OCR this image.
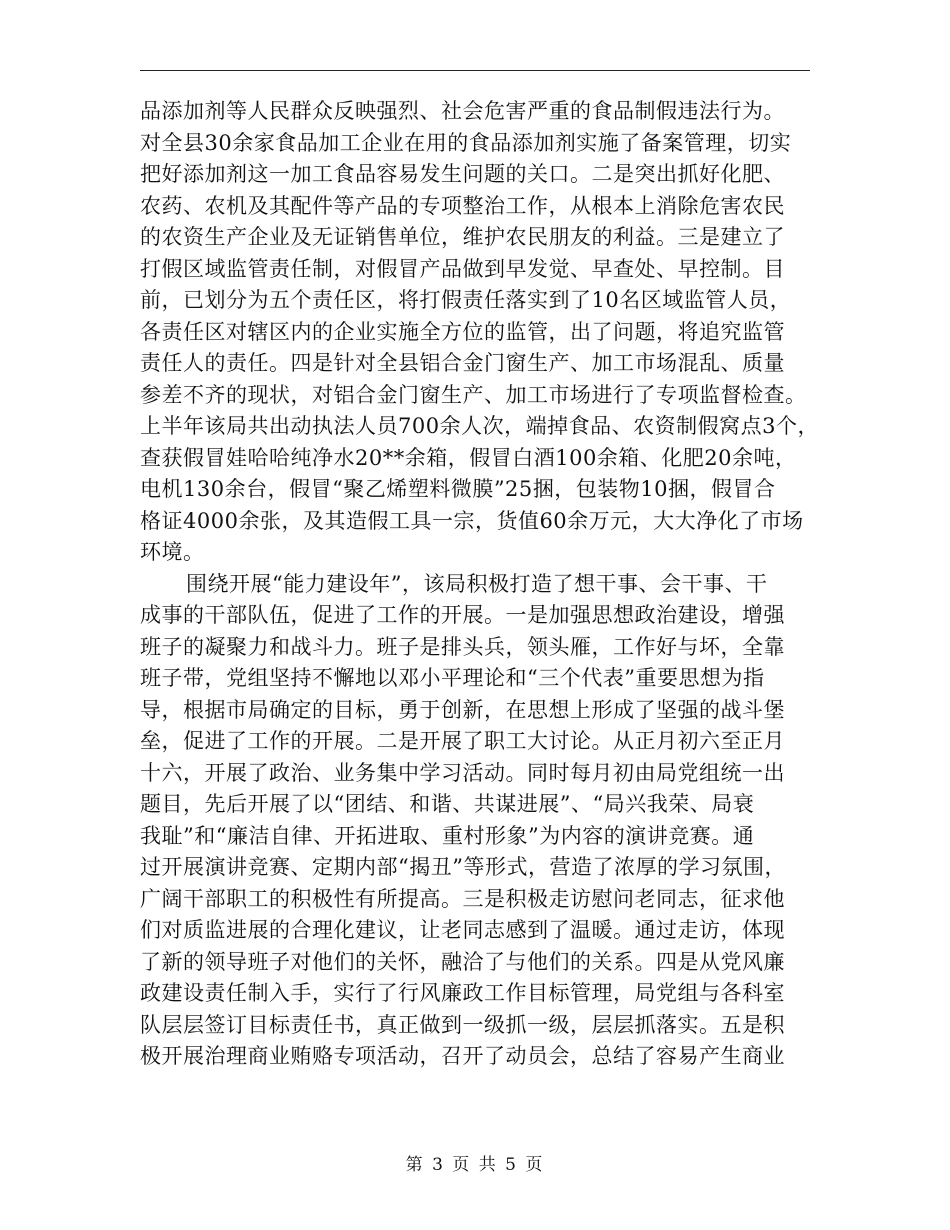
品添加剂等人民群众反映强烈、社会危害严重的食品制假违法行为。
对全县30余家食品加工企业在用的食品添加剂实施了备案管理，切实
把好添加剂这一加工食品容易发生问题的关口。二是突出抓好化肥、
农药、农机及其配件等产品的专项整治工作，从根本上消除危害农民
的农资生产企业及无证销售单位，维护农民朋友的利益。三是建立了
打假区域监管责任制，对假冒产品做到早发觉、早查处、早控制。目
前，已划分为五个责任区，将打假责任落实到了10名区域监管人员，
各责任区对辖区内的企业实施全方位的监管，出了问题，将追究监管
责任人的责任。四是针对全县铝合金门窗生产、加工市场混乱、质量
参差不齐的现状，对铝合金门窗生产、加工市场进行了专项监督检查。
上半年该局共出动执法人员700余人次，端掉食品、农资制假窝点3个，
查获假冒娃哈哈纯净水20**余箱，假冒白酒100余箱、化肥20余吨，
电机130余台，假冒“聚乙烯塑料微膜”25捆，包装物10捆，假冒合
格证4000余张，及其造假工具一宗，货值60余万元，大大净化了市场
环境。
围绕开展“能力建设年”，该局积极打造了想干事、会干事、干
成事的干部队伍，促进了工作的开展。一是加强思想政治建设，增强
班子的凝聚力和战斗力。班子是排头兵，领头雁，工作好与坏，全靠
班子带，党组坚持不懈地以邓小平理论和“三个代表”重要思想为指
导，根据市局确定的目标，勇于创新，在思想上形成了坚强的战斗堡
垒，促进了工作的开展。二是开展了职工大讨论。从正月初六至正月
十六，开展了政治、业务集中学习活动。同时每月初由局党组统一出
题目，先后开展了以“团结、和谐、共谋进展”、“局兴我荣、局衰
我耻”和“廉洁自律、开拓进取、重村形象”为内容的演讲竞赛。通
过开展演讲竞赛、定期内部“揭丑”等形式，营造了浓厚的学习氛围，
广阔干部职工的积极性有所提高。三是积极走访慰问老同志，征求他
们对质监进展的合理化建议，让老同志感到了温暖。通过走访，体现
了新的领导班子对他们的关怀，融洽了与他们的关系。四是从党风廉
政建设责任制入手，实行了行风廉政工作目标管理，局党组与各科室
队层层签订目标责任书，真正做到一级抓一级，层层抓落实。五是积
极开展治理商业贿赂专项活动，召开了动员会，总结了容易产生商业
第 3 页 共 5 页
